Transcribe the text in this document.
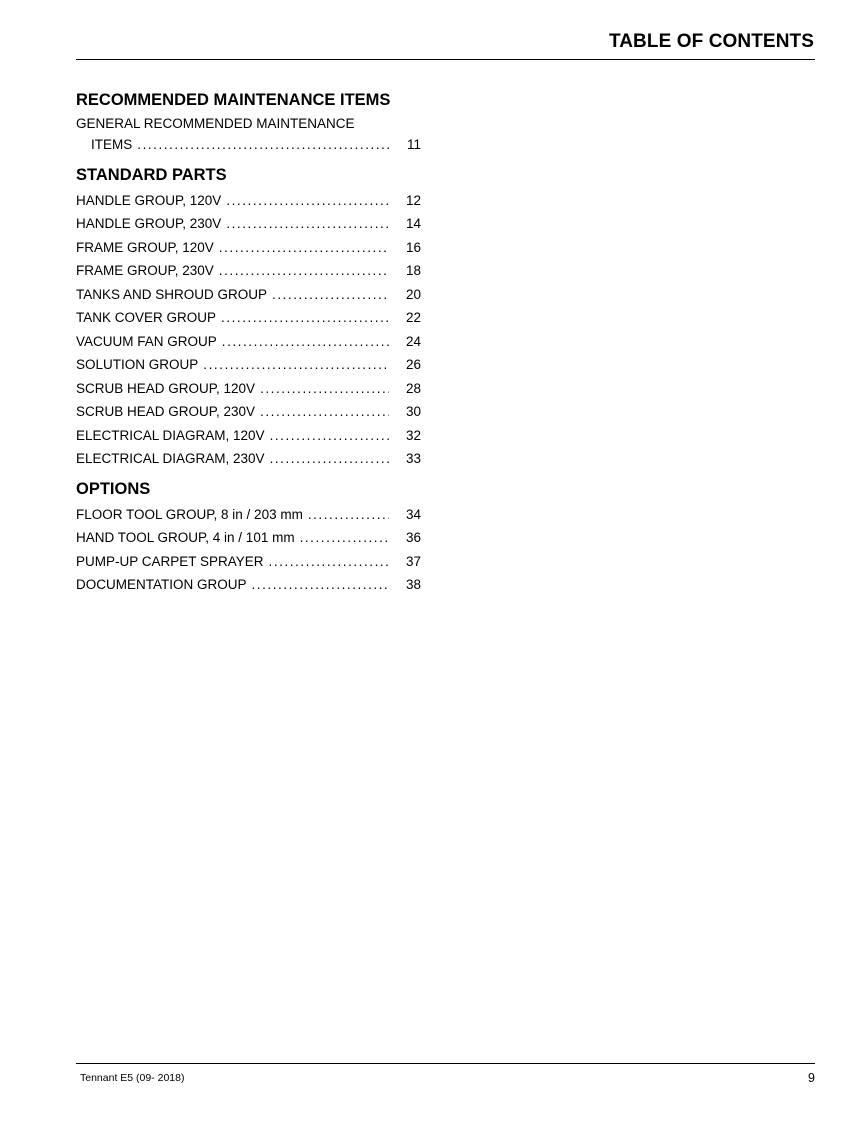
TABLE OF CONTENTS
RECOMMENDED MAINTENANCE ITEMS
GENERAL RECOMMENDED MAINTENANCE
ITEMS . . .	11
STANDARD PARTS
HANDLE GROUP, 120V . . .	12
HANDLE GROUP, 230V . . .	14
FRAME GROUP, 120V . . .	16
FRAME GROUP, 230V . . .	18
TANKS AND SHROUD GROUP . . .	20
TANK COVER GROUP . . .	22
VACUUM FAN GROUP . . .	24
SOLUTION GROUP . . .	26
SCRUB HEAD GROUP, 120V . . .	28
SCRUB HEAD GROUP, 230V . . .	30
ELECTRICAL DIAGRAM, 120V . . .	32
ELECTRICAL DIAGRAM, 230V . . .	33
OPTIONS
FLOOR TOOL GROUP, 8 in / 203 mm . . .	34
HAND TOOL GROUP, 4 in / 101 mm . . .	36
PUMP-UP CARPET SPRAYER . . .	37
DOCUMENTATION GROUP . . .	38
Tennant E5 (09- 2018)	9
